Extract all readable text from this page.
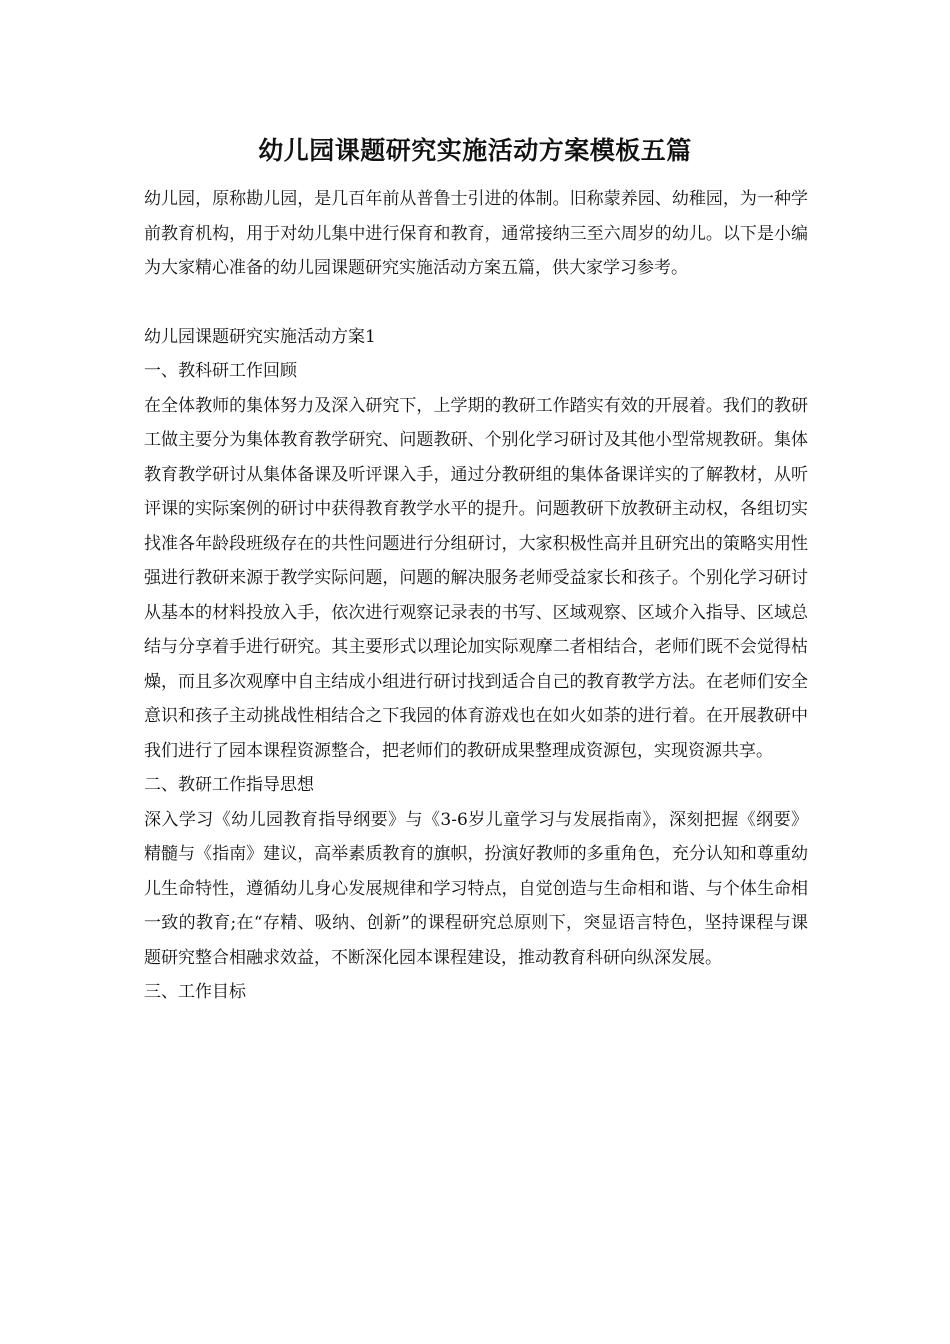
幼儿园课题研究实施活动方案模板五篇

幼儿园，原称勘儿园，是几百年前从普鲁士引进的体制。旧称蒙养园、幼稚园，为一种学前教育机构，用于对幼儿集中进行保育和教育，通常接纳三至六周岁的幼儿。以下是小编为大家精心准备的幼儿园课题研究实施活动方案五篇，供大家学习参考。

幼儿园课题研究实施活动方案1

一、教科研工作回顾

在全体教师的集体努力及深入研究下，上学期的教研工作踏实有效的开展着。我们的教研工做主要分为集体教育教学研究、问题教研、个别化学习研讨及其他小型常规教研。集体教育教学研讨从集体备课及听评课入手，通过分教研组的集体备课详实的了解教材，从听评课的实际案例的研讨中获得教育教学水平的提升。问题教研下放教研主动权，各组切实找准各年龄段班级存在的共性问题进行分组研讨，大家积极性高并且研究出的策略实用性强进行教研来源于教学实际问题，问题的解决服务老师受益家长和孩子。个别化学习研讨从基本的材料投放入手，依次进行观察记录表的书写、区域观察、区域介入指导、区域总结与分享着手进行研究。其主要形式以理论加实际观摩二者相结合，老师们既不会觉得枯燥，而且多次观摩中自主结成小组进行研讨找到适合自己的教育教学方法。在老师们安全意识和孩子主动挑战性相结合之下我园的体育游戏也在如火如荼的进行着。在开展教研中我们进行了园本课程资源整合，把老师们的教研成果整理成资源包，实现资源共享。

二、教研工作指导思想

深入学习《幼儿园教育指导纲要》与《3-6岁儿童学习与发展指南》，深刻把握《纲要》精髓与《指南》建议，高举素质教育的旗帜，扮演好教师的多重角色，充分认知和尊重幼儿生命特性，遵循幼儿身心发展规律和学习特点，自觉创造与生命相和谐、与个体生命相一致的教育;在“存精、吸纳、创新”的课程研究总原则下，突显语言特色，坚持课程与课题研究整合相融求效益，不断深化园本课程建设，推动教育科研向纵深发展。

三、工作目标
